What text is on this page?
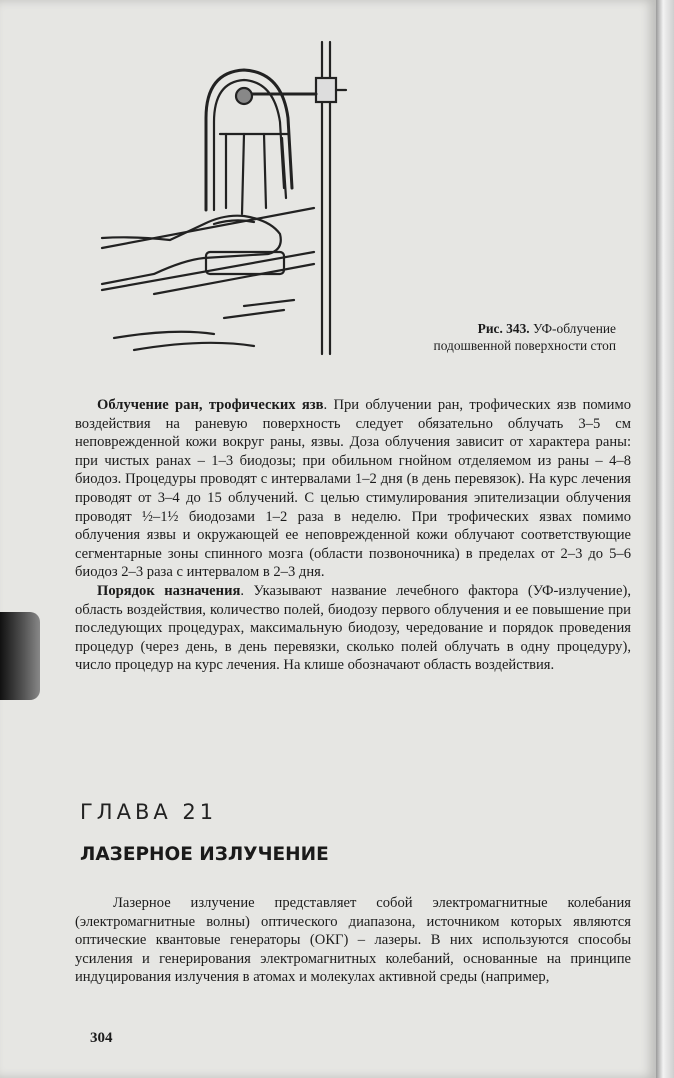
Рис. 343. УФ-облучение
подошвенной поверхности стоп

Облучение ран, трофических язв. При облучении ран, трофических язв помимо воздействия на раневую поверхность следует обязательно облучать 3–5 см неповрежденной кожи вокруг раны, язвы. Доза облучения зависит от характера раны: при чистых ранах – 1–3 биодозы; при обильном гнойном отделяемом из раны – 4–8 биодоз. Процедуры проводят с интервалами 1–2 дня (в день перевязок). На курс лечения проводят от 3–4 до 15 облучений. С целью стимулирования эпителизации облучения проводят ½–1½ биодозами 1–2 раза в неделю. При трофических язвах помимо облучения язвы и окружающей ее неповрежденной кожи облучают соответствующие сегментарные зоны спинного мозга (области позвоночника) в пределах от 2–3 до 5–6 биодоз 2–3 раза с интервалом в 2–3 дня.

Порядок назначения. Указывают название лечебного фактора (УФ-излучение), область воздействия, количество полей, биодозу первого облучения и ее повышение при последующих процедурах, максимальную биодозу, чередование и порядок проведения процедур (через день, в день перевязки, сколько полей облучать в одну процедуру), число процедур на курс лечения. На клише обозначают область воздействия.

ГЛАВА 21
ЛАЗЕРНОЕ ИЗЛУЧЕНИЕ

Лазерное излучение представляет собой электромагнитные колебания (электромагнитные волны) оптического диапазона, источником которых являются оптические квантовые генераторы (ОКГ) – лазеры. В них используются способы усиления и генерирования электромагнитных колебаний, основанные на принципе индуцирования излучения в атомах и молекулах активной среды (например,

304
